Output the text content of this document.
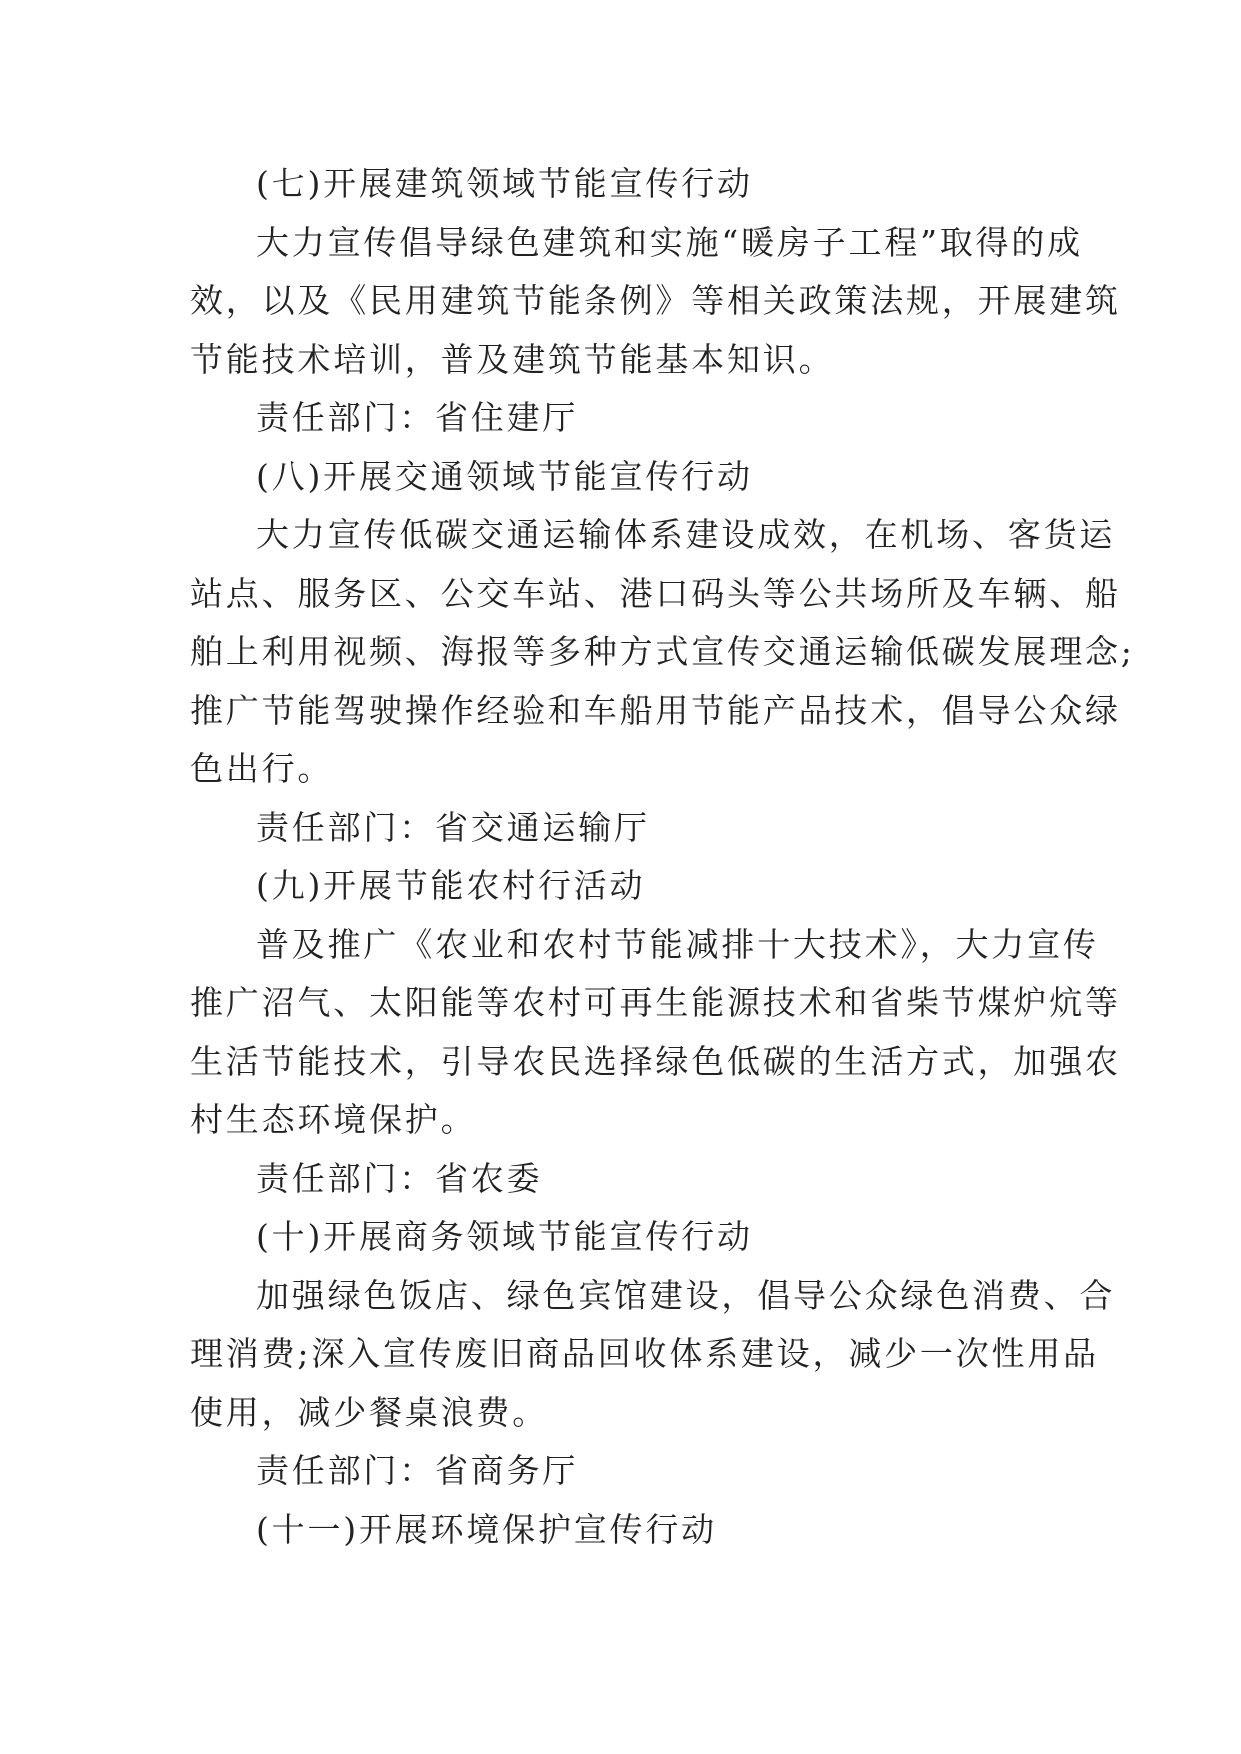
(七)开展建筑领域节能宣传行动

大力宣传倡导绿色建筑和实施“暖房子工程”取得的成

效，以及《民用建筑节能条例》等相关政策法规，开展建筑

节能技术培训，普及建筑节能基本知识。

责任部门：省住建厅

(八)开展交通领域节能宣传行动

大力宣传低碳交通运输体系建设成效，在机场、客货运

站点、服务区、公交车站、港口码头等公共场所及车辆、船

舶上利用视频、海报等多种方式宣传交通运输低碳发展理念;

推广节能驾驶操作经验和车船用节能产品技术，倡导公众绿

色出行。

责任部门：省交通运输厅

(九)开展节能农村行活动

普及推广《农业和农村节能减排十大技术》，大力宣传

推广沼气、太阳能等农村可再生能源技术和省柴节煤炉炕等

生活节能技术，引导农民选择绿色低碳的生活方式，加强农

村生态环境保护。

责任部门：省农委

(十)开展商务领域节能宣传行动

加强绿色饭店、绿色宾馆建设，倡导公众绿色消费、合

理消费;深入宣传废旧商品回收体系建设，减少一次性用品

使用，减少餐桌浪费。

责任部门：省商务厅

(十一)开展环境保护宣传行动
